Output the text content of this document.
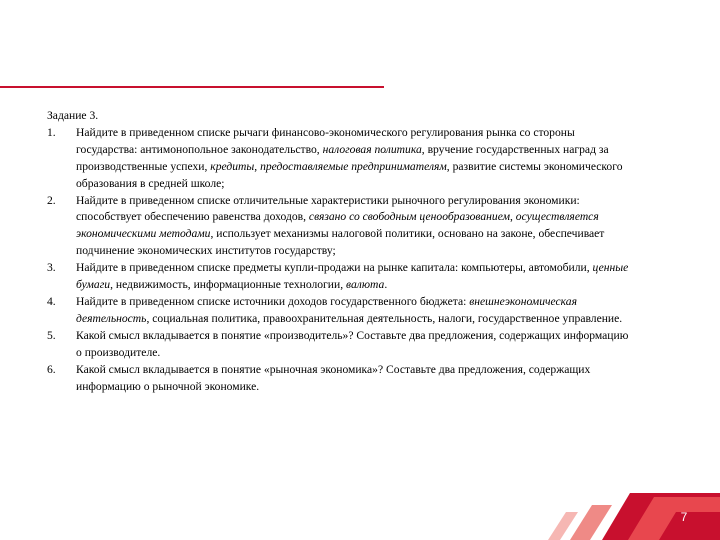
Задание 3.

1.	Найдите в приведенном списке рычаги финансово-экономического регулирования рынка со стороны государства: антимонопольное законодательство, налоговая политика, вручение государственных наград за производственные успехи, кредиты, предоставляемые предпринимателям, развитие системы экономического образования в средней школе;
2.	Найдите в приведенном списке отличительные характеристики рыночного регулирования экономики: способствует обеспечению равенства доходов, связано со свободным ценообразованием, осуществляется экономическими методами, использует механизмы налоговой политики, основано на законе, обеспечивает подчинение экономических институтов государству;
3.	Найдите в приведенном списке предметы купли-продажи на рынке капитала: компьютеры, автомобили, ценные бумаги, недвижимость, информационные технологии, валюта.
4.	Найдите в приведенном списке источники доходов государственного бюджета: внешнеэкономическая деятельность, социальная политика, правоохранительная деятельность, налоги, государственное управление.
5.	Какой смысл вкладывается в понятие «производитель»? Составьте два предложения, содержащих информацию о производителе.
6.	Какой смысл вкладывается в понятие «рыночная экономика»? Составьте два предложения, содержащих информацию о рыночной экономике.
7
